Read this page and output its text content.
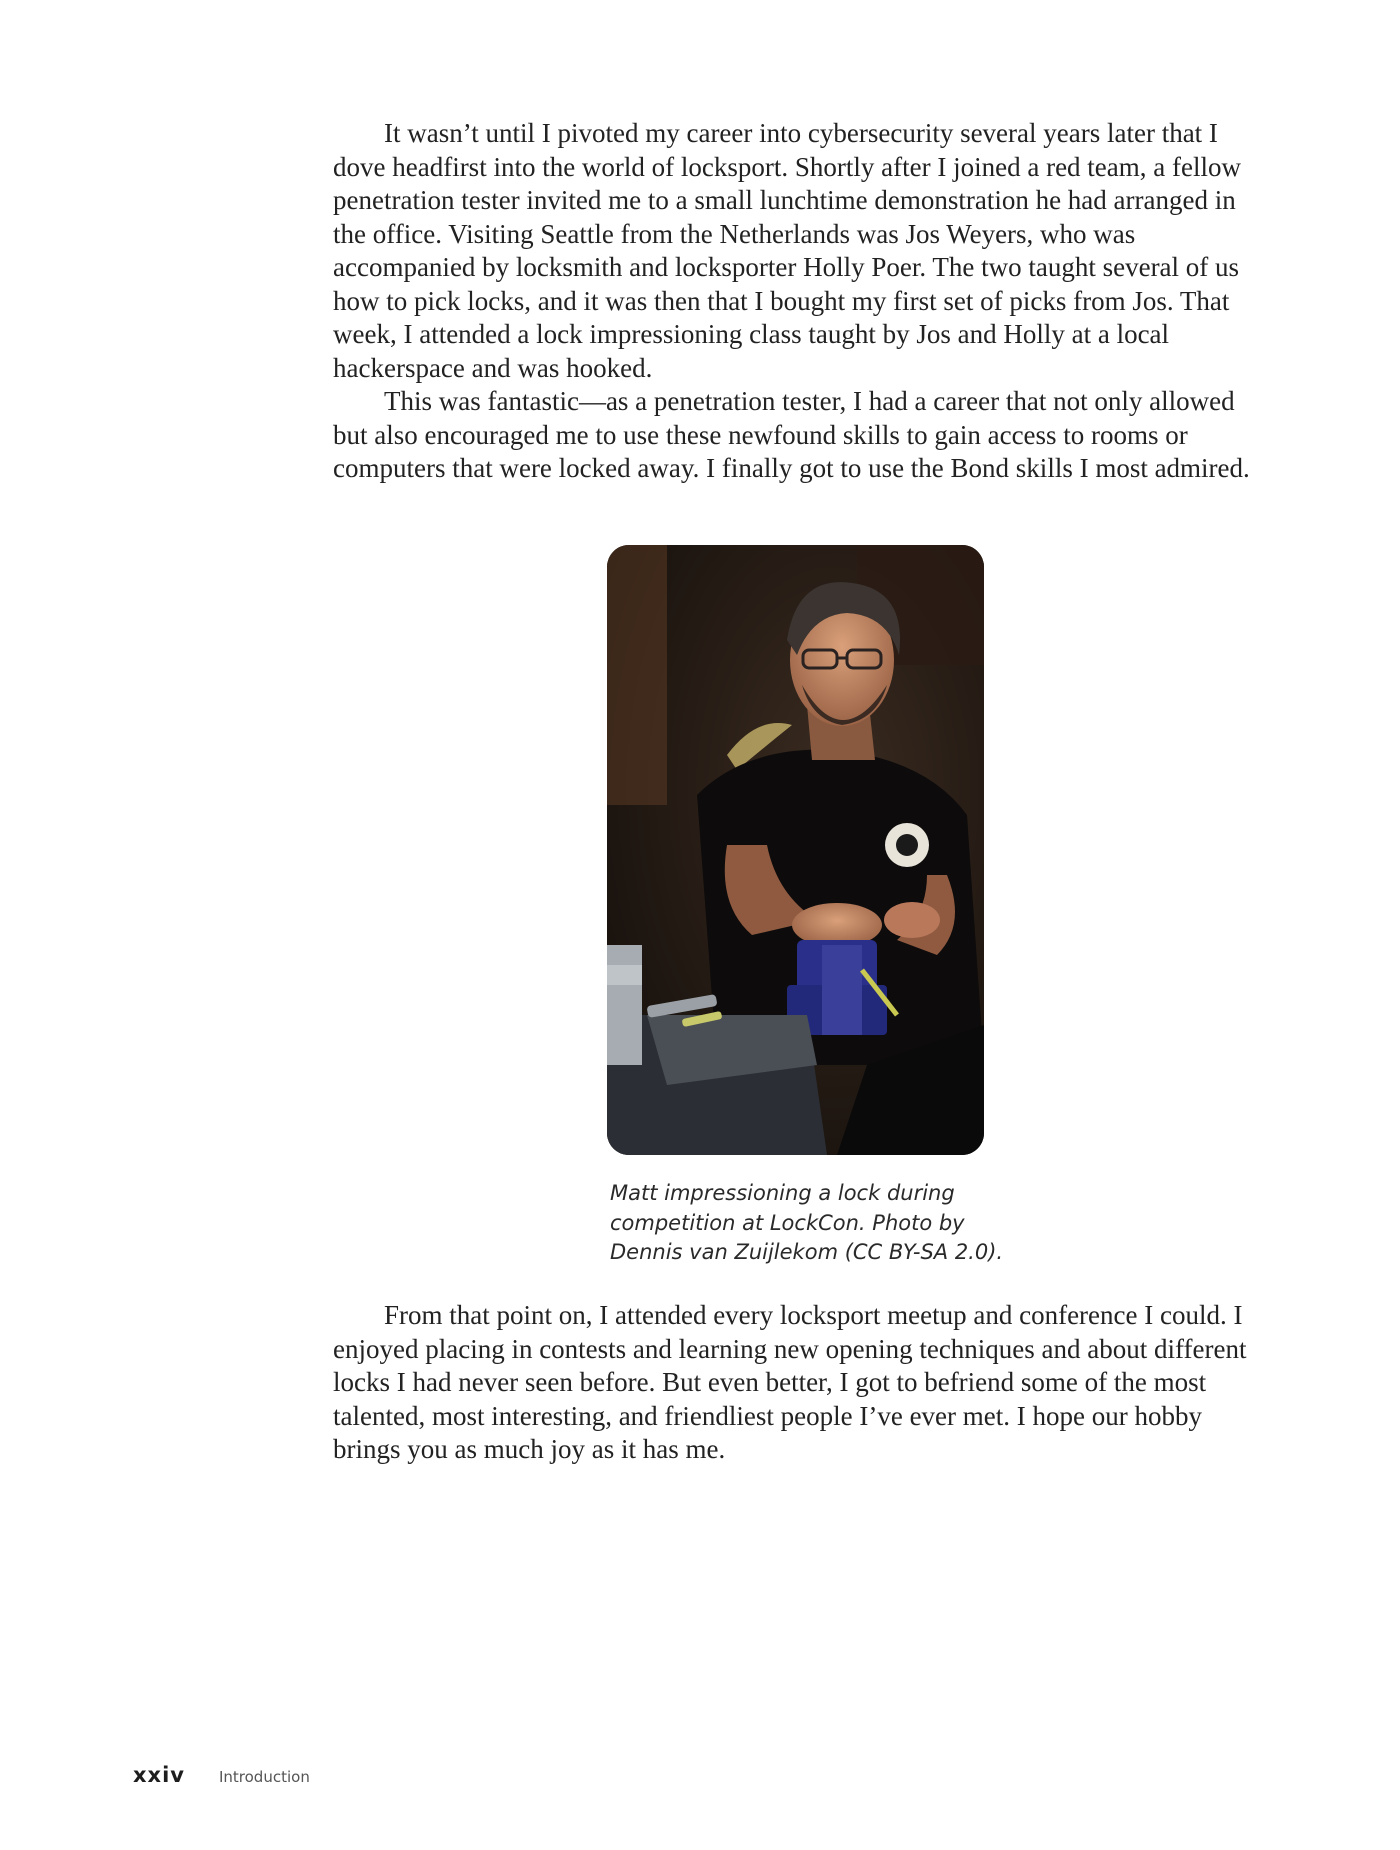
It wasn’t until I pivoted my career into cybersecurity several years later that I dove headfirst into the world of locksport. Shortly after I joined a red team, a fellow penetration tester invited me to a small lunchtime demonstration he had arranged in the office. Visiting Seattle from the Netherlands was Jos Weyers, who was accompanied by locksmith and locksporter Holly Poer. The two taught several of us how to pick locks, and it was then that I bought my first set of picks from Jos. That week, I attended a lock impressioning class taught by Jos and Holly at a local hackerspace and was hooked.

This was fantastic—as a penetration tester, I had a career that not only allowed but also encouraged me to use these newfound skills to gain access to rooms or computers that were locked away. I finally got to use the Bond skills I most admired.

Matt impressioning a lock during competition at LockCon. Photo by Dennis van Zuijlekom (CC BY-SA 2.0).

From that point on, I attended every locksport meetup and conference I could. I enjoyed placing in contests and learning new opening techniques and about different locks I had never seen before. But even better, I got to befriend some of the most talented, most interesting, and friendliest people I’ve ever met. I hope our hobby brings you as much joy as it has me.

xxiv Introduction
